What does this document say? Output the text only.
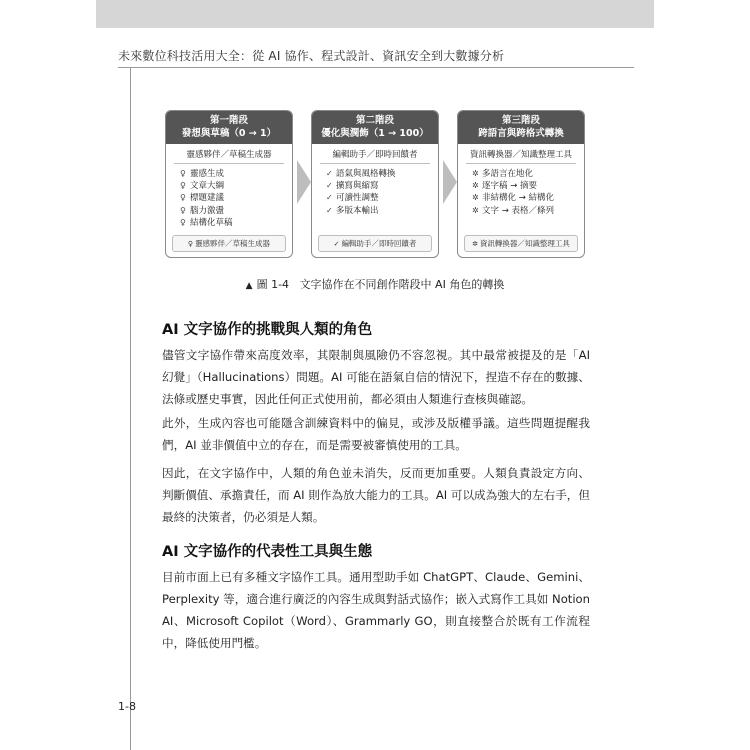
未來數位科技活用大全：從 AI 協作、程式設計、資訊安全到大數據分析
第一階段
發想與草稿（0 → 1）
靈感夥伴／草稿生成器
♀ 靈感生成
♀ 文章大綱
♀ 標題建議
♀ 腦力激盪
♀ 結構化草稿
♀ 靈感夥伴／草稿生成器
第二階段
優化與潤飾（1 → 100）
編輯助手／即時回饋者
✓ 語氣與風格轉換
✓ 擴寫與縮寫
✓ 可讀性調整
✓ 多版本輸出
✓ 編輯助手／即時回饋者
第三階段
跨語言與跨格式轉換
資訊轉換器／知識整理工具
✲ 多語言在地化
✲ 逐字稿 → 摘要
✲ 非結構化 → 結構化
✲ 文字 → 表格／條列
✲ 資訊轉換器／知識整理工具
▲ 圖 1-4 文字協作在不同創作階段中 AI 角色的轉換
AI 文字協作的挑戰與人類的角色

儘管文字協作帶來高度效率，其限制與風險仍不容忽視。其中最常被提及的是「AI 幻覺」（Hallucinations）問題。AI 可能在語氣自信的情況下，捏造不存在的數據、法條或歷史事實，因此任何正式使用前，都必須由人類進行查核與確認。

此外，生成內容也可能隱含訓練資料中的偏見，或涉及版權爭議。這些問題提醒我們，AI 並非價值中立的存在，而是需要被審慎使用的工具。

因此，在文字協作中，人類的角色並未消失，反而更加重要。人類負責設定方向、判斷價值、承擔責任，而 AI 則作為放大能力的工具。AI 可以成為強大的左右手，但最終的決策者，仍必須是人類。

AI 文字協作的代表性工具與生態

目前市面上已有多種文字協作工具。通用型助手如 ChatGPT、Claude、Gemini、Perplexity 等，適合進行廣泛的內容生成與對話式協作；嵌入式寫作工具如 Notion AI、Microsoft Copilot（Word）、Grammarly GO，則直接整合於既有工作流程中，降低使用門檻。

1-8
